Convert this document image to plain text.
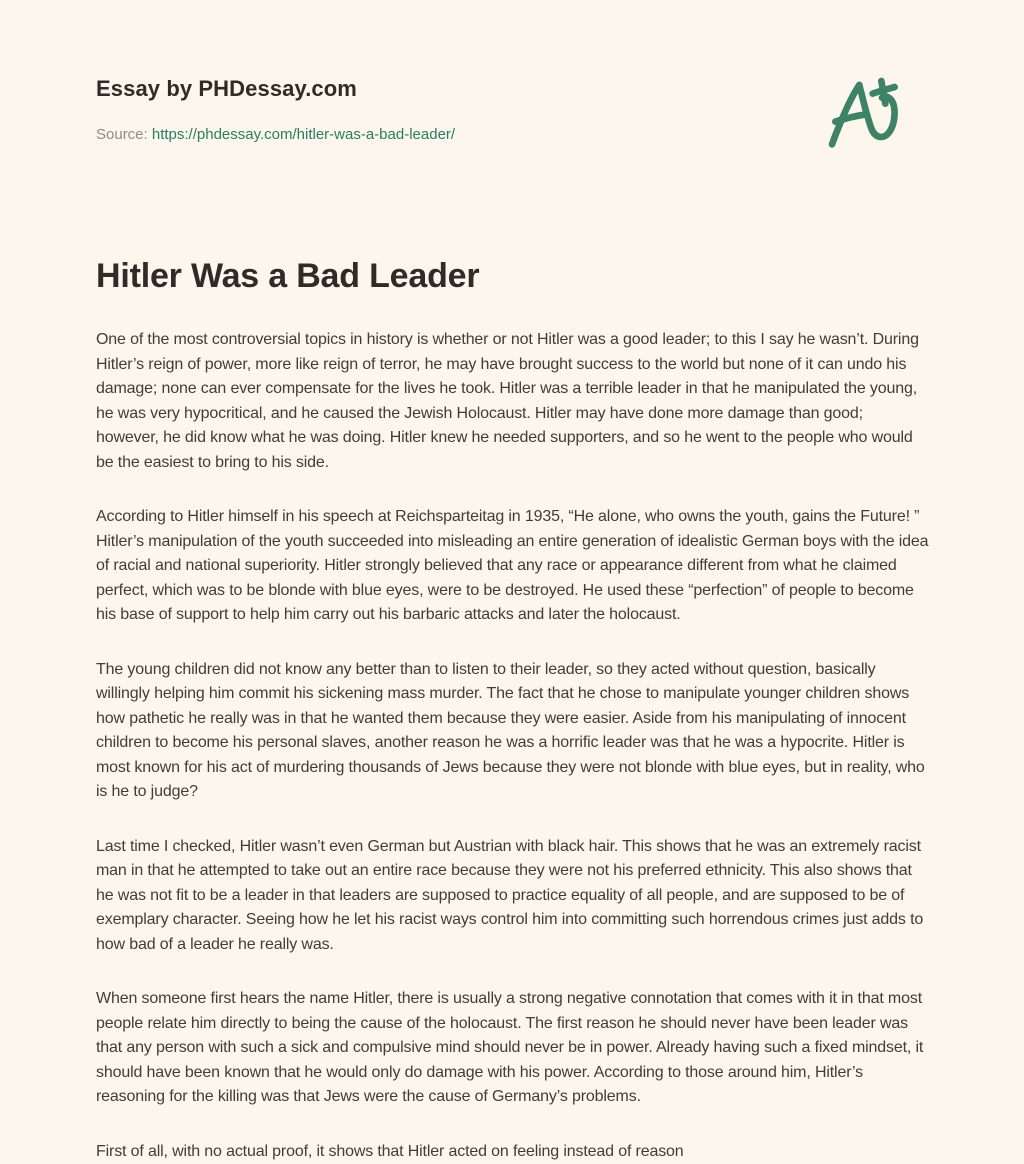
Essay by PHDessay.com
Source: https://phdessay.com/hitler-was-a-bad-leader/
Hitler Was a Bad Leader

One of the most controversial topics in history is whether or not Hitler was a good leader; to this I say he wasn’t. During Hitler’s reign of power, more like reign of terror, he may have brought success to the world but none of it can undo his damage; none can ever compensate for the lives he took. Hitler was a terrible leader in that he manipulated the young, he was very hypocritical, and he caused the Jewish Holocaust. Hitler may have done more damage than good; however, he did know what he was doing. Hitler knew he needed supporters, and so he went to the people who would be the easiest to bring to his side.

According to Hitler himself in his speech at Reichsparteitag in 1935, “He alone, who owns the youth, gains the Future! ” Hitler’s manipulation of the youth succeeded into misleading an entire generation of idealistic German boys with the idea of racial and national superiority. Hitler strongly believed that any race or appearance different from what he claimed perfect, which was to be blonde with blue eyes, were to be destroyed. He used these “perfection” of people to become his base of support to help him carry out his barbaric attacks and later the holocaust.

The young children did not know any better than to listen to their leader, so they acted without question, basically willingly helping him commit his sickening mass murder. The fact that he chose to manipulate younger children shows how pathetic he really was in that he wanted them because they were easier. Aside from his manipulating of innocent children to become his personal slaves, another reason he was a horrific leader was that he was a hypocrite. Hitler is most known for his act of murdering thousands of Jews because they were not blonde with blue eyes, but in reality, who is he to judge?

Last time I checked, Hitler wasn’t even German but Austrian with black hair. This shows that he was an extremely racist man in that he attempted to take out an entire race because they were not his preferred ethnicity. This also shows that he was not fit to be a leader in that leaders are supposed to practice equality of all people, and are supposed to be of exemplary character. Seeing how he let his racist ways control him into committing such horrendous crimes just adds to how bad of a leader he really was.

When someone first hears the name Hitler, there is usually a strong negative connotation that comes with it in that most people relate him directly to being the cause of the holocaust. The first reason he should never have been leader was that any person with such a sick and compulsive mind should never be in power. Already having such a fixed mindset, it should have been known that he would only do damage with his power. According to those around him, Hitler’s reasoning for the killing was that Jews were the cause of Germany’s problems.

First of all, with no actual proof, it shows that Hitler acted on feeling instead of reason
